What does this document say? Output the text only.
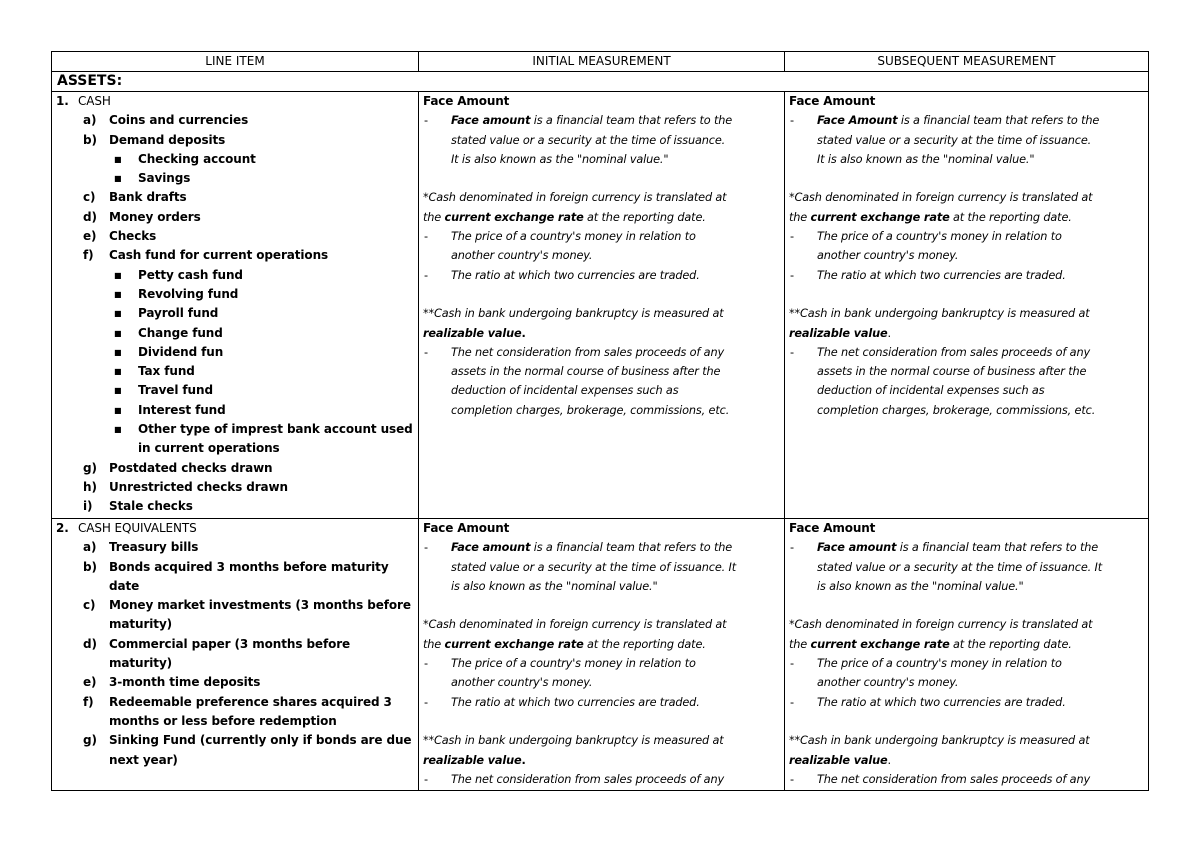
LINE ITEM	INITIAL MEASUREMENT	SUBSEQUENT MEASUREMENT
ASSETS:
1. CASH
a) Coins and currencies
b) Demand deposits
■ Checking account
■ Savings
c) Bank drafts
d) Money orders
e) Checks
f) Cash fund for current operations
■ Petty cash fund
■ Revolving fund
■ Payroll fund
■ Change fund
■ Dividend fun
■ Tax fund
■ Travel fund
■ Interest fund
■ Other type of imprest bank account used
in current operations
g) Postdated checks drawn
h) Unrestricted checks drawn
i) Stale checks
Face Amount
- Face amount is a financial team that refers to the
stated value or a security at the time of issuance.
It is also known as the "nominal value."
*Cash denominated in foreign currency is translated at
the current exchange rate at the reporting date.
- The price of a country's money in relation to
another country's money.
- The ratio at which two currencies are traded.
**Cash in bank undergoing bankruptcy is measured at
realizable value.
- The net consideration from sales proceeds of any
assets in the normal course of business after the
deduction of incidental expenses such as
completion charges, brokerage, commissions, etc.
Face Amount
- Face Amount is a financial team that refers to the
stated value or a security at the time of issuance.
It is also known as the "nominal value."
*Cash denominated in foreign currency is translated at
the current exchange rate at the reporting date.
- The price of a country's money in relation to
another country's money.
- The ratio at which two currencies are traded.
**Cash in bank undergoing bankruptcy is measured at
realizable value.
- The net consideration from sales proceeds of any
assets in the normal course of business after the
deduction of incidental expenses such as
completion charges, brokerage, commissions, etc.
2. CASH EQUIVALENTS
a) Treasury bills
b) Bonds acquired 3 months before maturity
date
c) Money market investments (3 months before
maturity)
d) Commercial paper (3 months before
maturity)
e) 3-month time deposits
f) Redeemable preference shares acquired 3
months or less before redemption
g) Sinking Fund (currently only if bonds are due
next year)
Face Amount
- Face amount is a financial team that refers to the
stated value or a security at the time of issuance. It
is also known as the "nominal value."
*Cash denominated in foreign currency is translated at
the current exchange rate at the reporting date.
- The price of a country's money in relation to
another country's money.
- The ratio at which two currencies are traded.
**Cash in bank undergoing bankruptcy is measured at
realizable value.
- The net consideration from sales proceeds of any
Face Amount
- Face amount is a financial team that refers to the
stated value or a security at the time of issuance. It
is also known as the "nominal value."
*Cash denominated in foreign currency is translated at
the current exchange rate at the reporting date.
- The price of a country's money in relation to
another country's money.
- The ratio at which two currencies are traded.
**Cash in bank undergoing bankruptcy is measured at
realizable value.
- The net consideration from sales proceeds of any
